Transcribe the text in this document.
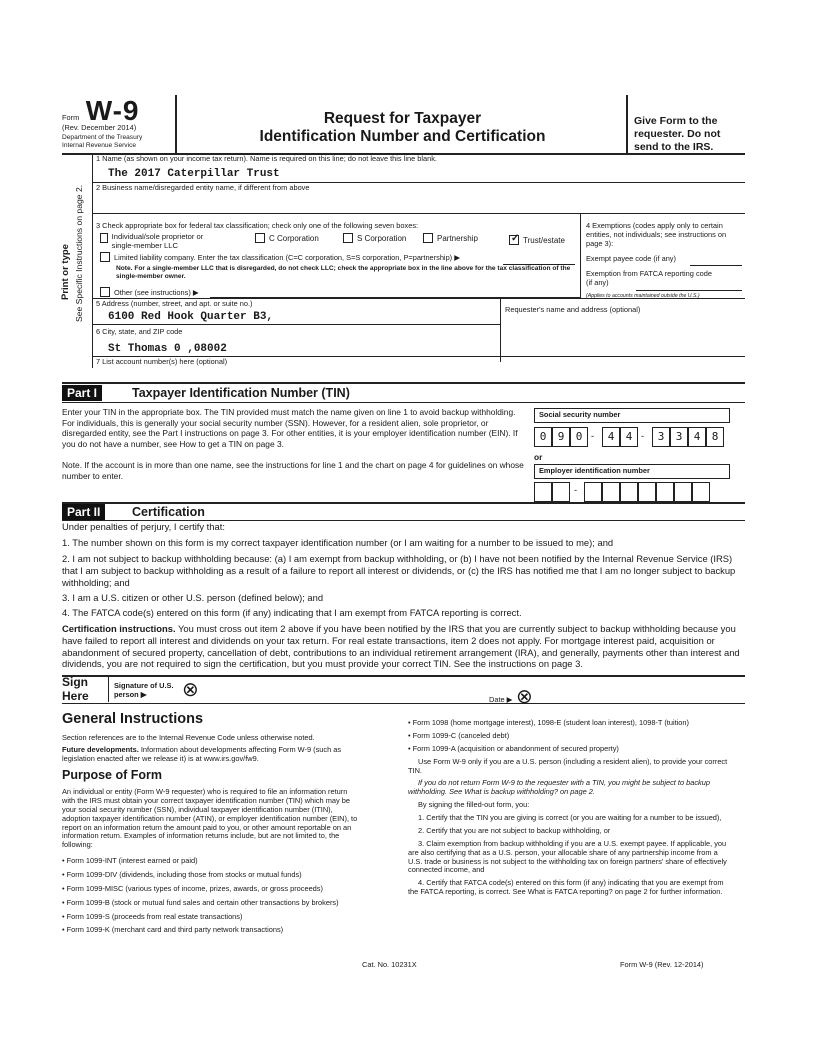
Form W-9
(Rev. December 2014)
Department of the Treasury
Internal Revenue Service
Request for Taxpayer
Identification Number and Certification
Give Form to the requester. Do not send to the IRS.
Print or type See Specific Instructions on page 2.
1 Name (as shown on your income tax return). Name is required on this line; do not leave this line blank.
The 2017 Caterpillar Trust
2 Business name/disregarded entity name, if different from above
3 Check appropriate box for federal tax classification; check only one of the following seven boxes:
Individual/sole proprietor or single-member LLC
C Corporation	S Corporation	Partnership ✓	Trust/estate
Limited liability company. Enter the tax classification (C=C corporation, S=S corporation, P=partnership) ▶
Note. For a single-member LLC that is disregarded, do not check LLC; check the appropriate box in the line above for the tax classification of the single-member owner.
Other (see instructions) ▶
4 Exemptions (codes apply only to certain entities, not individuals; see instructions on page 3):
Exempt payee code (if any)
Exemption from FATCA reporting code (if any)
(Applies to accounts maintained outside the U.S.)
5 Address (number, street, and apt. or suite no.)
6100 Red Hook Quarter B3,
Requester's name and address (optional)
6 City, state, and ZIP code
St Thomas 0 ,08002
7 List account number(s) here (optional)
Part I	Taxpayer Identification Number (TIN)
Enter your TIN in the appropriate box. The TIN provided must match the name given on line 1 to avoid backup withholding. For individuals, this is generally your social security number (SSN). However, for a resident alien, sole proprietor, or disregarded entity, see the Part I instructions on page 3. For other entities, it is your employer identification number (EIN). If you do not have a number, see How to get a TIN on page 3.
Note. If the account is in more than one name, see the instructions for line 1 and the chart on page 4 for guidelines on whose number to enter.
Social security number
0	9	0	4	4	3	3	4	8
-	-
or
Employer identification number
-
Part II	Certification
Under penalties of perjury, I certify that:
1. The number shown on this form is my correct taxpayer identification number (or I am waiting for a number to be issued to me); and
2. I am not subject to backup withholding because: (a) I am exempt from backup withholding, or (b) I have not been notified by the Internal Revenue Service (IRS) that I am subject to backup withholding as a result of a failure to report all interest or dividends, or (c) the IRS has notified me that I am no longer subject to backup withholding; and
3. I am a U.S. citizen or other U.S. person (defined below); and
4. The FATCA code(s) entered on this form (if any) indicating that I am exempt from FATCA reporting is correct.
Certification instructions. You must cross out item 2 above if you have been notified by the IRS that you are currently subject to backup withholding because you have failed to report all interest and dividends on your tax return. For real estate transactions, item 2 does not apply. For mortgage interest paid, acquisition or abandonment of secured property, cancellation of debt, contributions to an individual retirement arrangement (IRA), and generally, payments other than interest and dividends, you are not required to sign the certification, but you must provide your correct TIN. See the instructions on page 3.
Sign Here
Signature of U.S. person ▶	⊗	Date ▶ ⊗
General Instructions
Section references are to the Internal Revenue Code unless otherwise noted.
Future developments. Information about developments affecting Form W-9 (such as legislation enacted after we release it) is at www.irs.gov/fw9.
Purpose of Form
An individual or entity (Form W-9 requester) who is required to file an information return with the IRS must obtain your correct taxpayer identification number (TIN) which may be your social security number (SSN), individual taxpayer identification number (ITIN), adoption taxpayer identification number (ATIN), or employer identification number (EIN), to report on an information return the amount paid to you, or other amount reportable on an information return. Examples of information returns include, but are not limited to, the following:
• Form 1099-INT (interest earned or paid)
• Form 1099-DIV (dividends, including those from stocks or mutual funds)
• Form 1099-MISC (various types of income, prizes, awards, or gross proceeds)
• Form 1099-B (stock or mutual fund sales and certain other transactions by brokers)
• Form 1099-S (proceeds from real estate transactions)
• Form 1099-K (merchant card and third party network transactions)
• Form 1098 (home mortgage interest), 1098-E (student loan interest), 1098-T (tuition)
• Form 1099-C (canceled debt)
• Form 1099-A (acquisition or abandonment of secured property)
Use Form W-9 only if you are a U.S. person (including a resident alien), to provide your correct TIN.
If you do not return Form W-9 to the requester with a TIN, you might be subject to backup withholding. See What is backup withholding? on page 2.
By signing the filled-out form, you:
1. Certify that the TIN you are giving is correct (or you are waiting for a number to be issued),
2. Certify that you are not subject to backup withholding, or
3. Claim exemption from backup withholding if you are a U.S. exempt payee. If applicable, you are also certifying that as a U.S. person, your allocable share of any partnership income from a U.S. trade or business is not subject to the withholding tax on foreign partners' share of effectively connected income, and
4. Certify that FATCA code(s) entered on this form (if any) indicating that you are exempt from the FATCA reporting, is correct. See What is FATCA reporting? on page 2 for further information.
Cat. No. 10231X	Form W-9 (Rev. 12-2014)
